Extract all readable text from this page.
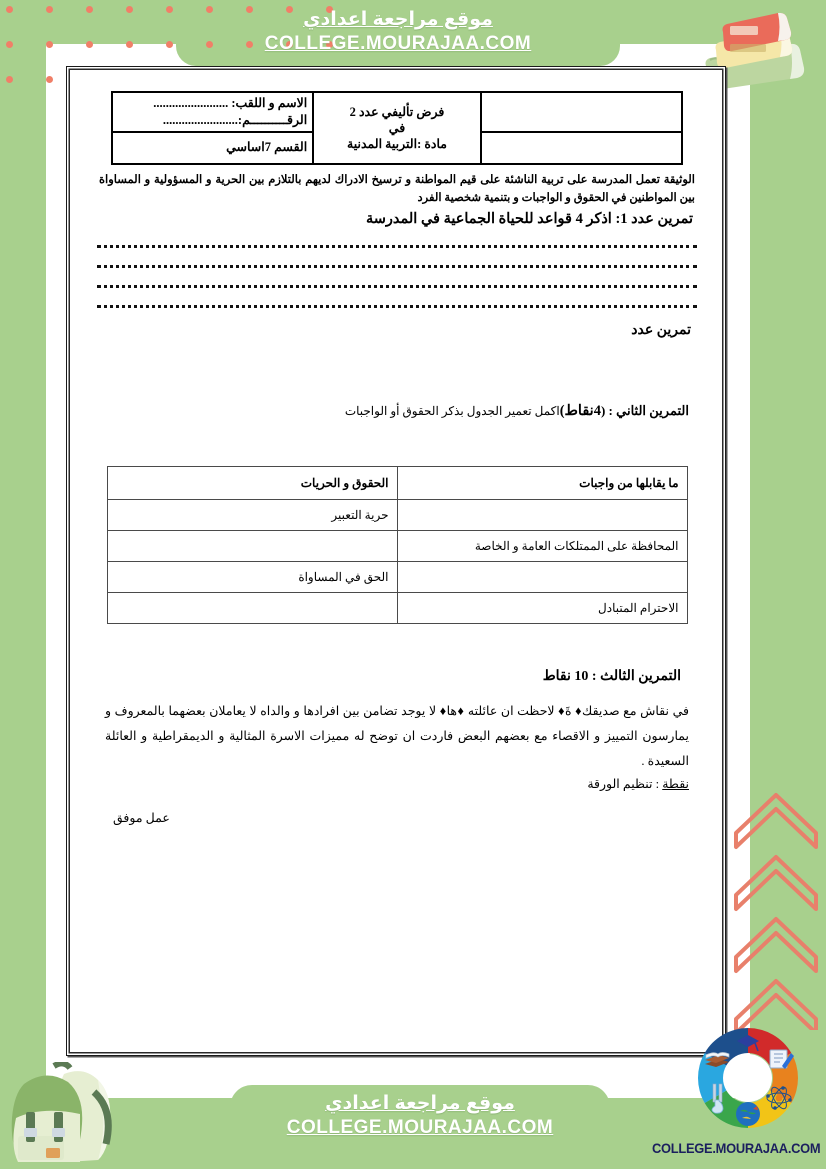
موقع مراجعة اعدادي
COLLEGE.MOURAJAA.COM
موقع مراجعة اعدادي
COLLEGE.MOURAJAA.COM
COLLEGE.MOURAJAA.COM

فرض تأليفي عدد 2
في
مادة :التربية المدنية

الاسم و اللقب: ........................
الرقــــــــــم:........................

		القسم 7اساسي
الوثيقة تعمل المدرسة على تربية الناشئة على قيم المواطنة و ترسيخ الادراك لديهم بالتلازم بين الحرية و المسؤولية و المساواة بين المواطنين في الحقوق و الواجبات و بتنمية شخصية الفرد
تمرين عدد 1: اذكر 4 قواعد للحياة الجماعية في المدرسة
تمرين عدد
التمرين الثاني : (4نقاط)اكمل تعمير الجدول بذكر الحقوق أو الواجبات
ما يقابلها من واجبات	الحقوق و الحريات
	حرية التعبير
المحافظة على الممتلكات العامة و الخاصة	
	الحق في المساواة
الاحترام المتبادل	
التمرين الثالث : 10 نقاط
في نقاش مع صديقك♦ ةَ♦ لاحظت ان عائلته ♦ها♦ لا يوجد تضامن بين افرادها و والداه لا يعاملان بعضهما بالمعروف و يمارسون التمييز و الاقصاء مع بعضهم البعض فاردت ان توضح له مميزات الاسرة المثالية و الديمقراطية و العائلة السعيدة .
نقطة : تنظيم الورقة
عمل موفق
